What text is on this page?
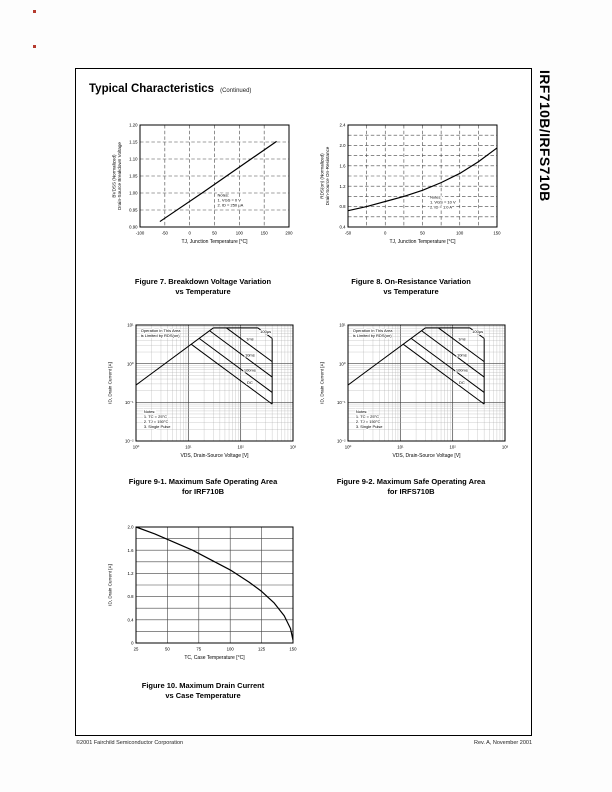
Typical Characteristics (Continued)
-100	-50	0	50	100	150	200
0.90
0.95
1.00
1.05
1.10
1.15
1.20
TJ, Junction Temperature [°C]
BVDSS (Normalized) Drain-Source Breakdown Voltage	Notes:
1. VGS = 0 V
2. ID = 250 μA
-50	0	50	100	150
0.4
0.8
1.2
1.6
2.0
2.4
TJ, Junction Temperature [°C]
RDS(on) (Normalized) Drain-Source On-Resistance	Notes:
1. VGS = 10 V
2. ID = 1.0 A
10⁰	10¹	10²	10³
10⁻²
10⁻¹
10⁰
10¹
VDS, Drain-Source Voltage [V]
ID, Drain Current [A]
100μs
1ms
10ms
100ms
DC
Operation in This Area
is Limited by RDS(on)
Notes:
1. TC = 25°C
2. TJ = 150°C
3. Single Pulse
10⁰	10¹	10²	10³
10⁻²
10⁻¹
10⁰
10¹
VDS, Drain-Source Voltage [V]
ID, Drain Current [A]
100μs
1ms
10ms
100ms
DC
Operation in This Area
is Limited by RDS(on)
Notes:
1. TC = 25°C
2. TJ = 150°C
3. Single Pulse
25	50	75	100	125	150
0
0.4
0.8
1.2
1.6
2.0
TC, Case Temperature [°C]
ID, Drain Current [A]
Figure 7. Breakdown Voltage Variation
vs Temperature
Figure 8. On-Resistance Variation
vs Temperature
Figure 9-1. Maximum Safe Operating Area
for IRF710B
Figure 9-2. Maximum Safe Operating Area
for IRFS710B
Figure 10. Maximum Drain Current
vs Case Temperature
IRF710B/IRFS710B
©2001 Fairchild Semiconductor Corporation	Rev. A, November 2001
